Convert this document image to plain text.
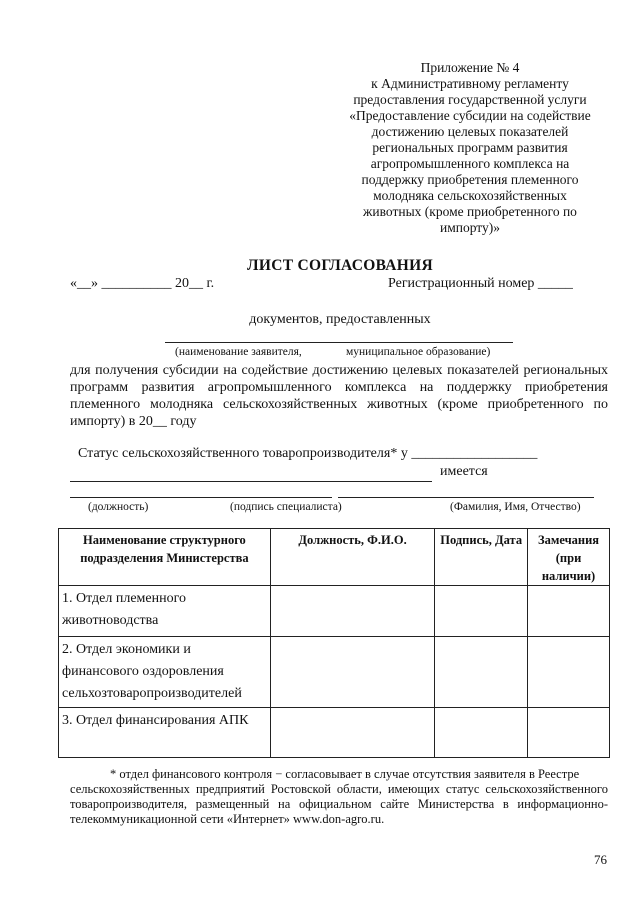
Приложение № 4
к Административному регламенту
предоставления государственной услуги
«Предоставление субсидии на содействие
достижению целевых показателей
региональных программ развития
агропромышленного комплекса на
поддержку приобретения племенного
молодняка сельскохозяйственных
животных (кроме приобретенного по
импорту)»
ЛИСТ СОГЛАСОВАНИЯ
«__» __________ 20__ г.	Регистрационный номер _____
документов, предоставленных
(наименование заявителя,	муниципальное образование)
для получения субсидии на содействие достижению целевых показателей региональных программ развития агропромышленного комплекса на поддержку приобретения племенного молодняка сельскохозяйственных животных (кроме приобретенного по импорту) в 20__ году
Статус сельскохозяйственного товаропроизводителя* у __________________
имеется
(должность)	(подпись специалиста)	(Фамилия, Имя, Отчество)
Наименование структурного подразделения Министерства	Должность, Ф.И.О.	Подпись, Дата	Замечания (при наличии)
1. Отдел племенного животноводства			
2. Отдел экономики и финансового оздоровления сельхозтоваропроизводителей			
3. Отдел финансирования АПК			
* отдел финансового контроля − согласовывает в случае отсутствия заявителя в Реестре
сельскохозяйственных предприятий Ростовской области, имеющих статус сельскохозяйственного товаропроизводителя, размещенный на официальном сайте Министерства в информационно-телекоммуникационной сети «Интернет» www.don-agro.ru.
76
